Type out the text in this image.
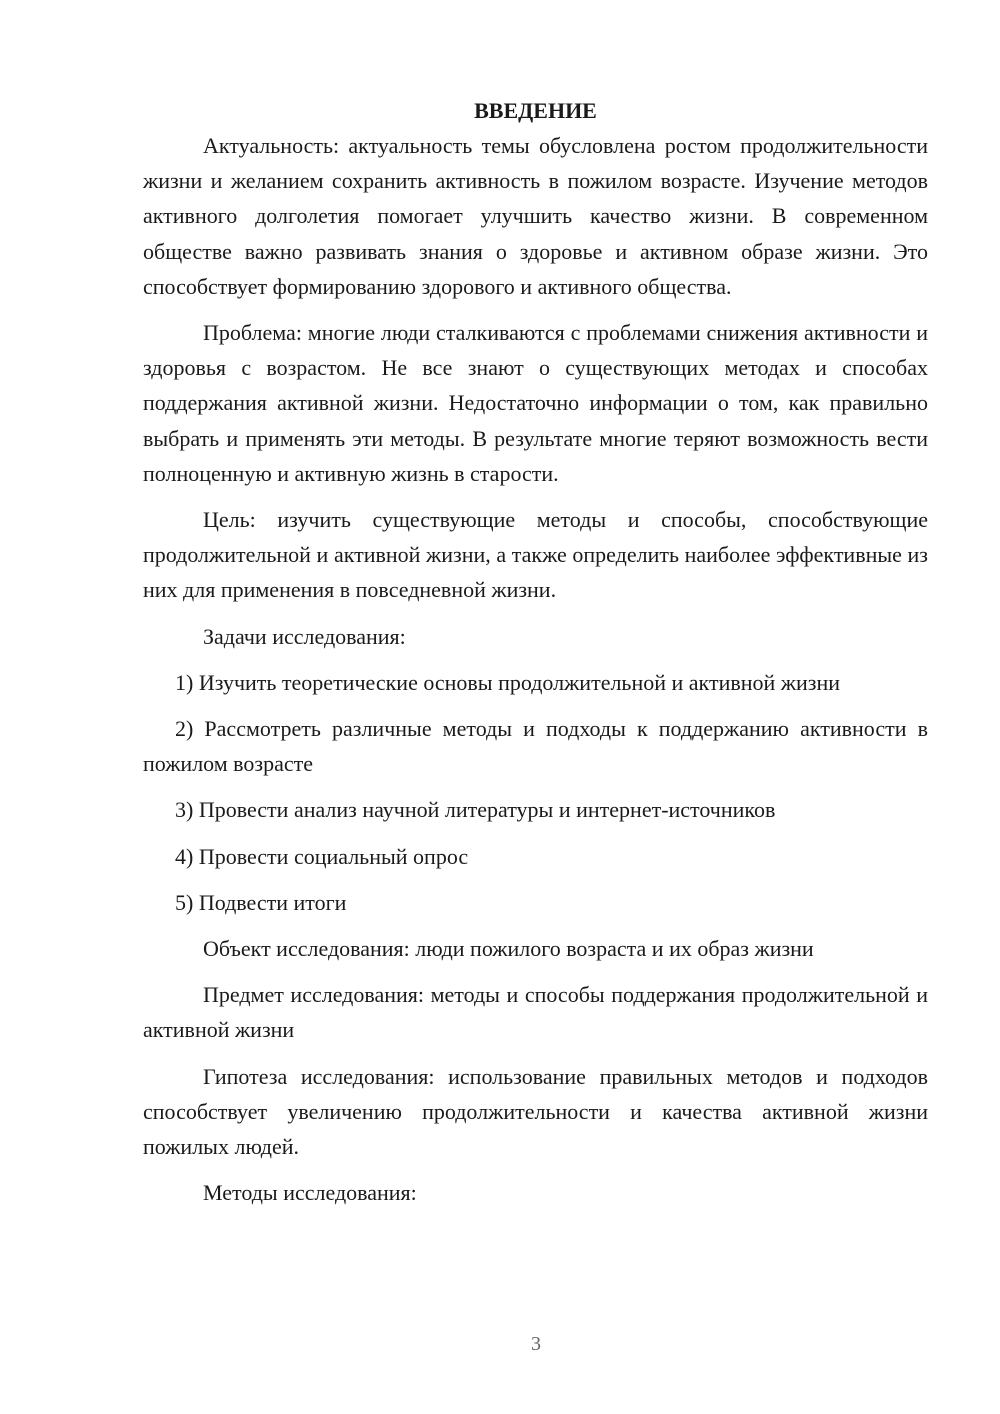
ВВЕДЕНИЕ

Актуальность: актуальность темы обусловлена ростом продолжительности жизни и желанием сохранить активность в пожилом возрасте. Изучение методов активного долголетия помогает улучшить качество жизни. В современном обществе важно развивать знания о здоровье и активном образе жизни. Это способствует формированию здорового и активного общества.

Проблема: многие люди сталкиваются с проблемами снижения активности и здоровья с возрастом. Не все знают о существующих методах и способах поддержания активной жизни. Недостаточно информации о том, как правильно выбрать и применять эти методы. В результате многие теряют возможность вести полноценную и активную жизнь в старости.

Цель: изучить существующие методы и способы, способствующие продолжительной и активной жизни, а также определить наиболее эффективные из них для применения в повседневной жизни.

Задачи исследования:

1) Изучить теоретические основы продолжительной и активной жизни

2) Рассмотреть различные методы и подходы к поддержанию активности в пожилом возрасте

3) Провести анализ научной литературы и интернет-источников

4) Провести социальный опрос

5) Подвести итоги

Объект исследования: люди пожилого возраста и их образ жизни

Предмет исследования: методы и способы поддержания продолжительной и активной жизни

Гипотеза исследования: использование правильных методов и подходов способствует увеличению продолжительности и качества активной жизни пожилых людей.

Методы исследования:

3
